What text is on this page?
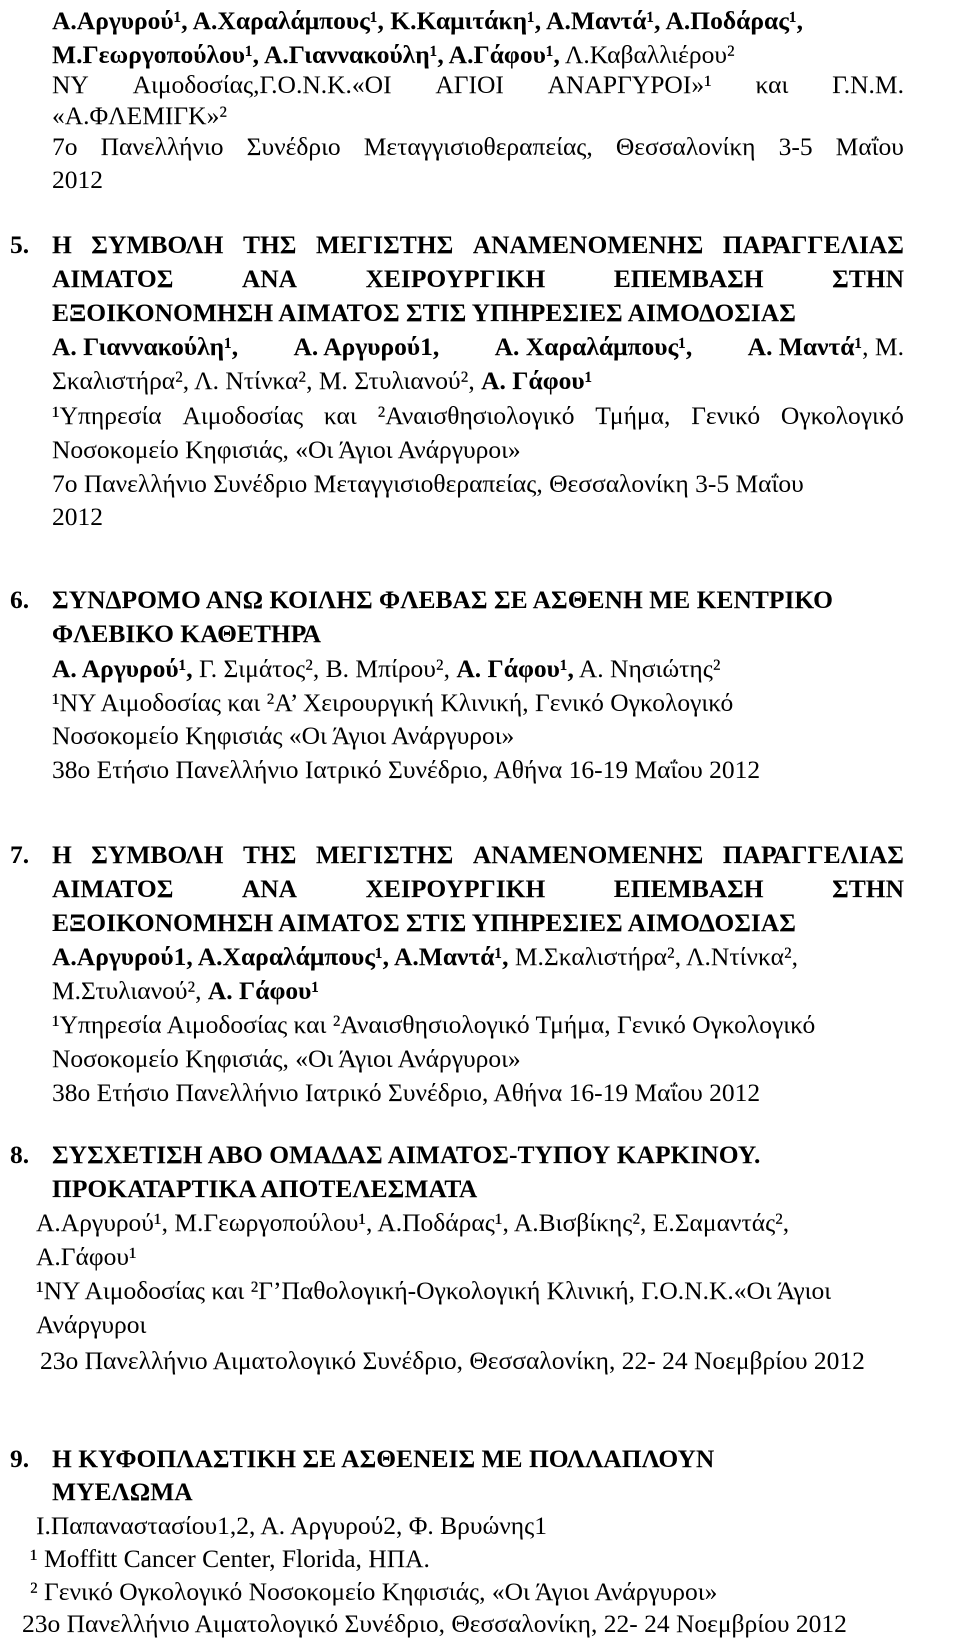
Α.Αργυρού¹, Α.Χαραλάμπους¹, Κ.Καμιτάκη¹, Α.Μαντά¹, Α.Ποδάρας¹,
Μ.Γεωργοπούλου¹, Α.Γιαννακούλη¹, Α.Γάφου¹, Λ.Καβαλλιέρου²
ΝΥ Αιμοδοσίας,Γ.Ο.Ν.Κ.«ΟΙ ΑΓΙΟΙ ΑΝΑΡΓΥΡΟΙ»¹ και Γ.Ν.Μ.
«Α.ΦΛΕΜΙΓΚ»²
7ο Πανελλήνιο Συνέδριο Μεταγγισιοθεραπείας, Θεσσαλονίκη 3-5 Μαΐου
2012
5. Η ΣΥΜΒΟΛΗ ΤΗΣ ΜΕΓΙΣΤΗΣ ΑΝΑΜΕΝΟΜΕΝΗΣ ΠΑΡΑΓΓΕΛΙΑΣ
ΑΙΜΑΤΟΣ	ΑΝΑ	ΧΕΙΡΟΥΡΓΙΚΗ	ΕΠΕΜΒΑΣΗ	ΣΤΗΝ
ΕΞΟΙΚΟΝΟΜΗΣΗ ΑΙΜΑΤΟΣ ΣΤΙΣ ΥΠΗΡΕΣΙΕΣ ΑΙΜΟΔΟΣΙΑΣ
Α. Γιαννακούλη¹, Α. Αργυρού1, Α. Χαραλάμπους¹, Α. Μαντά¹, Μ.
Σκαλιστήρα², Λ. Ντίνκα², Μ. Στυλιανού², Α. Γάφου¹
¹Υπηρεσία Αιμοδοσίας και ²Αναισθησιολογικό Τμήμα, Γενικό Ογκολογικό
Νοσοκομείο Κηφισιάς, «Οι Άγιοι Ανάργυροι»
7ο Πανελλήνιο Συνέδριο Μεταγγισιοθεραπείας, Θεσσαλονίκη 3-5 Μαΐου
2012
6. ΣΥΝΔΡΟΜΟ ΑΝΩ ΚΟΙΛΗΣ ΦΛΕΒΑΣ ΣΕ ΑΣΘΕΝΗ ΜΕ ΚΕΝΤΡΙΚΟ
ΦΛΕΒΙΚΟ ΚΑΘΕΤΗΡΑ
Α. Αργυρού¹, Γ. Σιμάτος², Β. Μπίρου², Α. Γάφου¹, Α. Νησιώτης²
¹ΝΥ Αιμοδοσίας και ²Α’ Χειρουργική Κλινική, Γενικό Ογκολογικό
Νοσοκομείο Κηφισιάς «Οι Άγιοι Ανάργυροι»
38ο Ετήσιο Πανελλήνιο Ιατρικό Συνέδριο, Αθήνα 16-19 Μαΐου 2012
7. Η ΣΥΜΒΟΛΗ ΤΗΣ ΜΕΓΙΣΤΗΣ ΑΝΑΜΕΝΟΜΕΝΗΣ ΠΑΡΑΓΓΕΛΙΑΣ
ΑΙΜΑΤΟΣ	ΑΝΑ	ΧΕΙΡΟΥΡΓΙΚΗ	ΕΠΕΜΒΑΣΗ	ΣΤΗΝ
ΕΞΟΙΚΟΝΟΜΗΣΗ ΑΙΜΑΤΟΣ ΣΤΙΣ ΥΠΗΡΕΣΙΕΣ ΑΙΜΟΔΟΣΙΑΣ
Α.Αργυρού1, Α.Χαραλάμπους¹, Α.Μαντά¹, Μ.Σκαλιστήρα², Λ.Ντίνκα²,
Μ.Στυλιανού², Α. Γάφου¹
¹Υπηρεσία Αιμοδοσίας και ²Αναισθησιολογικό Τμήμα, Γενικό Ογκολογικό
Νοσοκομείο Κηφισιάς, «Οι Άγιοι Ανάργυροι»
38ο Ετήσιο Πανελλήνιο Ιατρικό Συνέδριο, Αθήνα 16-19 Μαΐου 2012
8. ΣΥΣΧΕΤΙΣΗ ΑΒΟ ΟΜΑΔΑΣ ΑΙΜΑΤΟΣ-ΤΥΠΟΥ ΚΑΡΚΙΝΟΥ.
ΠΡΟΚΑΤΑΡΤΙΚΑ ΑΠΟΤΕΛΕΣΜΑΤΑ
Α.Αργυρού¹, Μ.Γεωργοπούλου¹, Α.Ποδάρας¹, Α.Βισβίκης², Ε.Σαμαντάς²,
Α.Γάφου¹
¹ΝΥ Αιμοδοσίας και ²Γ’Παθολογική-Ογκολογική Κλινική, Γ.Ο.Ν.Κ.«Οι Άγιοι
Ανάργυροι
23ο Πανελλήνιο Αιματολογικό Συνέδριο, Θεσσαλονίκη, 22- 24 Νοεμβρίου 2012
9. Η ΚΥΦΟΠΛΑΣΤΙΚΗ ΣΕ ΑΣΘΕΝΕΙΣ ΜΕ ΠΟΛΛΑΠΛΟΥΝ
ΜΥΕΛΩΜΑ
Ι.Παπαναστασίου1,2, Α. Αργυρού2, Φ. Βρυώνης1
¹ Moffitt Cancer Center, Florida, ΗΠΑ.
² Γενικό Ογκολογικό Νοσοκομείο Κηφισιάς, «Οι Άγιοι Ανάργυροι»
23ο Πανελλήνιο Αιματολογικό Συνέδριο, Θεσσαλονίκη, 22- 24 Νοεμβρίου 2012
